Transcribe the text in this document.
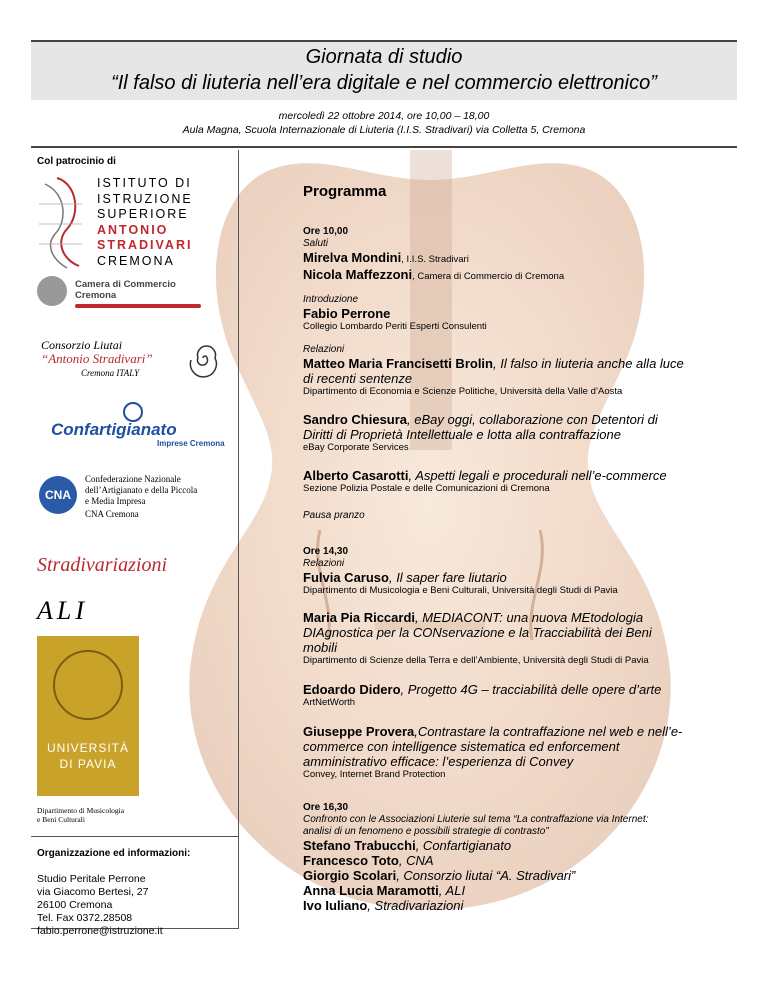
Giornata di studio
“Il falso di liuteria nell’era digitale e nel commercio elettronico”
mercoledì 22 ottobre 2014, ore 10,00 – 18,00
Aula Magna, Scuola Internazionale di Liuteria (I.I.S. Stradivari) via Colletta 5, Cremona
Col patrocinio di
ISTITUTO DI
ISTRUZIONE
SUPERIORE
ANTONIO
STRADIVARI
CREMONA
Camera di Commercio
Cremona
Consorzio Liutai
“Antonio Stradivari”
Cremona ITALY
Confartigianato
Imprese Cremona
CNA
Confederazione Nazionale
dell’Artigianato e della Piccola
e Media Impresa
CNA Cremona
Stradivariazioni
ALI
UNIVERSITÀ
DI PAVIA
Dipartimento di Musicologia
e Beni Culturali
Organizzazione ed informazioni:
Studio Peritale Perrone
via Giacomo Bertesi, 27
26100 Cremona
Tel. Fax 0372.28508
fabio.perrone@istruzione.it
Programma
Ore 10,00
Saluti
Mirelva Mondini, I.I.S. Stradivari
Nicola Maffezzoni, Camera di Commercio di Cremona
Introduzione
Fabio Perrone
Collegio Lombardo Periti Esperti Consulenti
Relazioni
Matteo Maria Francisetti Brolin, Il falso in liuteria anche alla luce
di recenti sentenze
Dipartimento di Economia e Scienze Politiche, Università della Valle d’Aosta
Sandro Chiesura, eBay oggi, collaborazione con Detentori di
Diritti di Proprietà Intellettuale e lotta alla contraffazione
eBay Corporate Services
Alberto Casarotti, Aspetti legali e procedurali nell’e-commerce
Sezione Polizia Postale e delle Comunicazioni di Cremona
Pausa pranzo
Ore 14,30
Relazioni
Fulvia Caruso, Il saper fare liutario
Dipartimento di Musicologia e Beni Culturali, Università degli Studi di Pavia
Maria Pia Riccardi, MEDIACONT: una nuova MEtodologia
DIAgnostica per la CONservazione e la Tracciabilità dei Beni
mobili
Dipartimento di Scienze della Terra e dell’Ambiente, Università degli Studi di Pavia
Edoardo Didero, Progetto 4G – tracciabilità delle opere d’arte
ArtNetWorth
Giuseppe Provera,Contrastare la contraffazione nel web e nell’e-
commerce con intelligence sistematica ed enforcement
amministrativo efficace: l’esperienza di Convey
Convey, Internet Brand Protection
Ore 16,30
Confronto con le Associazioni Liuterie sul tema “La contraffazione via Internet:
analisi di un fenomeno e possibili strategie di contrasto”
Stefano Trabucchi, Confartigianato
Francesco Toto, CNA
Giorgio Scolari, Consorzio liutai “A. Stradivari”
Anna Lucia Maramotti, ALI
Ivo Iuliano, Stradivariazioni
